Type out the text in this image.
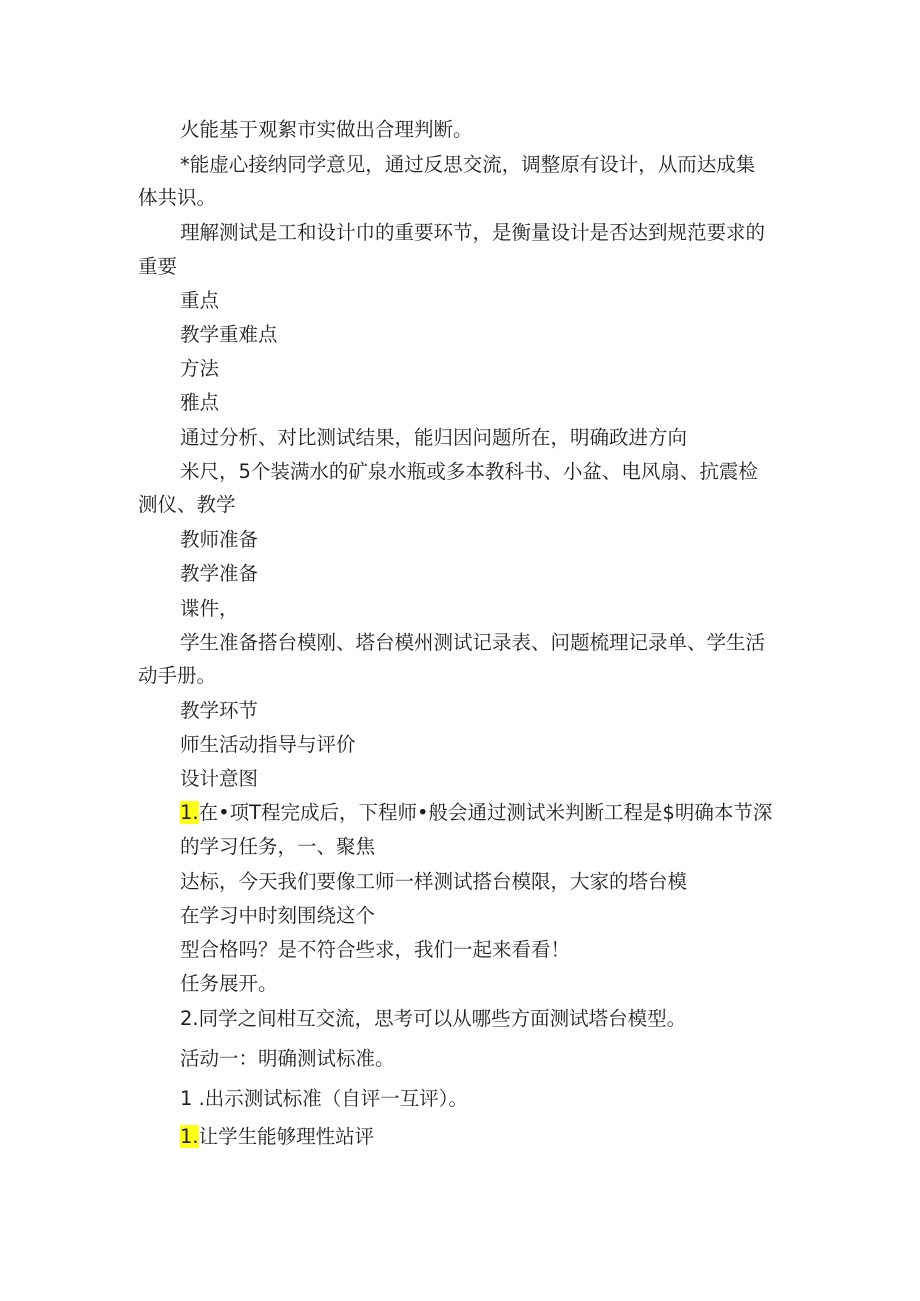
火能基于观絮市实做出合理判断。
*能虚心接纳同学意见，通过反思交流，调整原有设计，从而达成集
体共识。
理解测试是工和设计巾的重要环节，是衡量设计是否达到规范要求的
重要
重点
教学重难点
方法
雅点
通过分析、对比测试结果，能归因问题所在，明确政进方向
米尺，5个装满水的矿泉水瓶或多本教科书、小盆、电风扇、抗震检
测仪、教学
教师准备
教学准备
谍件，
学生准备搭台模刚、塔台模州测试记录表、问题梳理记录单、学生活
动手册。
教学环节
师生活动指导与评价
设计意图
1.在•项T程完成后，下程师•般会通过测试米判断工程是$明确本节深
的学习任务，一、聚焦
达标，今天我们要像工师一样测试搭台模限，大家的塔台模
在学习中时刻围绕这个
型合格吗？是不符合些求，我们一起来看看！
任务展开。
2.同学之间柑互交流，思考可以从哪些方面测试塔台模型。
活动一：明确测试标准。
1 .出示测试标准（自评一互评）。
1.让学生能够理性站评
